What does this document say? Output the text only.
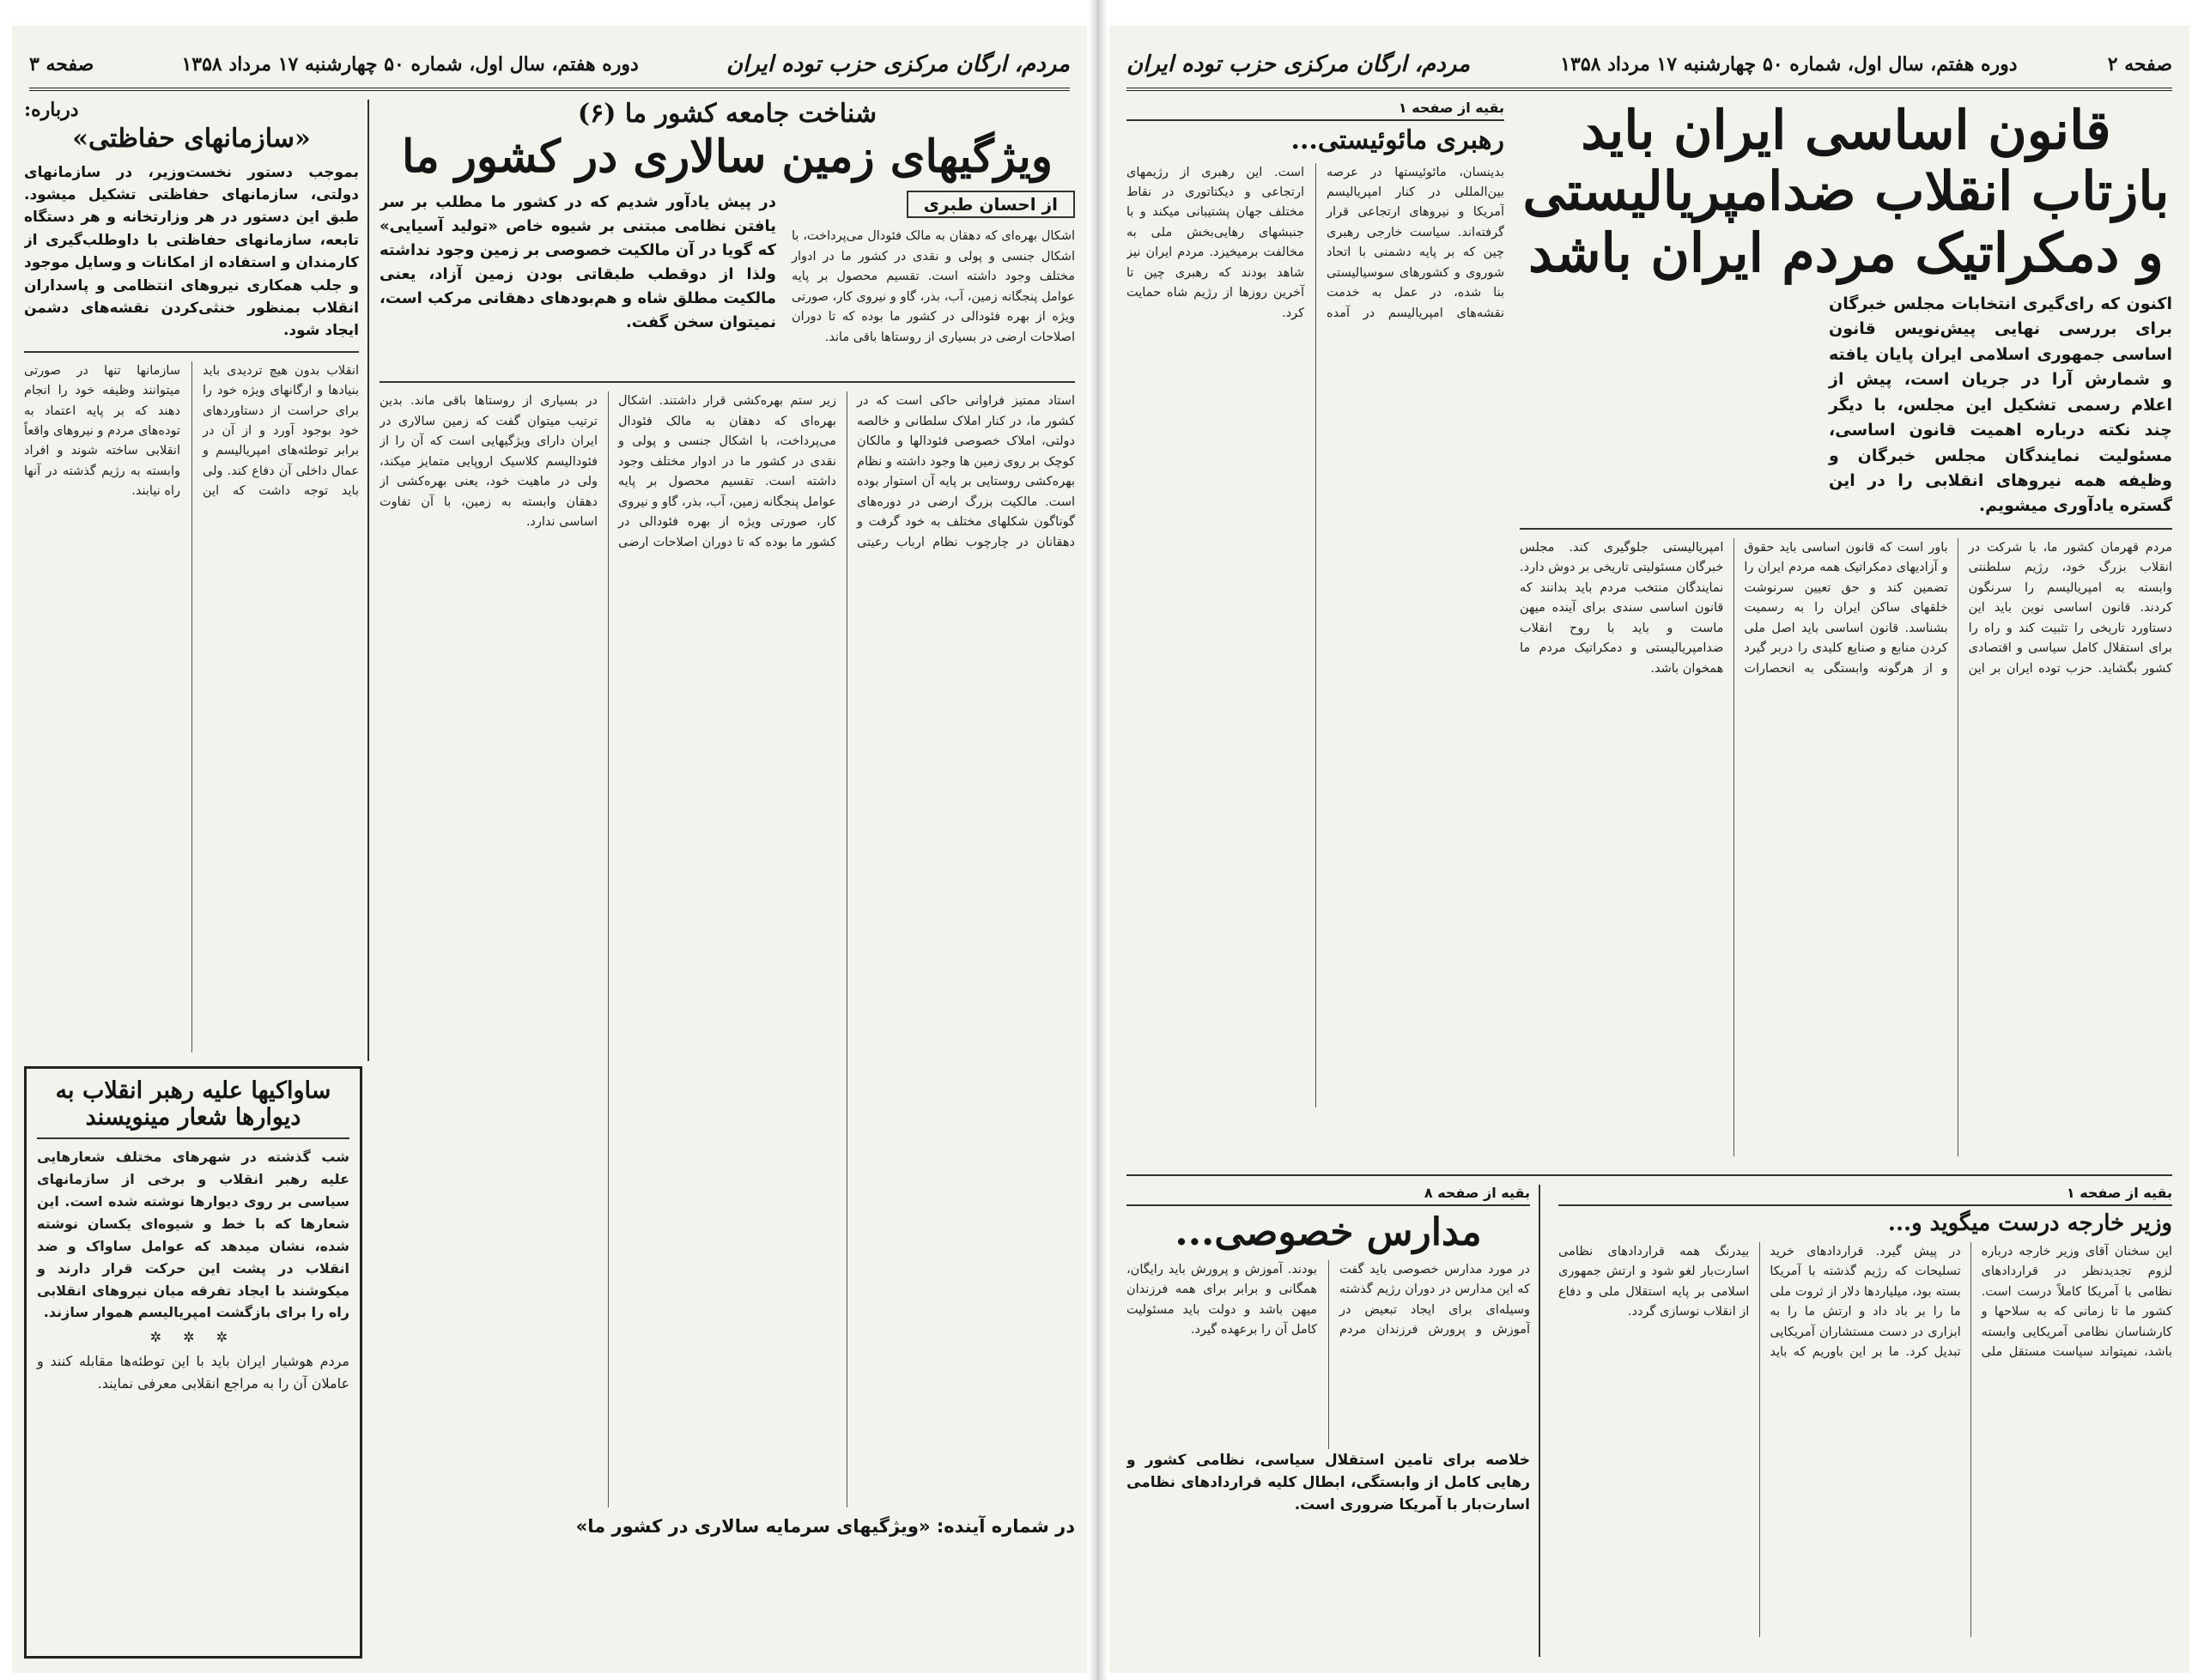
مردم، ارگان مرکزی حزب توده ایران
دوره هفتم، سال اول، شماره ۵۰ چهارشنبه ۱۷ مرداد ۱۳۵۸
صفحه ۳
درباره:
«سازمانهای حفاظتی»
بموجب دستور نخست‌وزیر، در سازمانهای دولتی، سازمانهای حفاظتی تشکیل میشود. طبق این دستور در هر وزارتخانه و هر دستگاه تابعه، سازمانهای حفاظتی با داوطلب‌گیری از کارمندان و استفاده از امکانات و وسایل موجود و جلب همکاری نیروهای انتظامی و پاسداران انقلاب بمنظور خنثی‌کردن نقشه‌های دشمن ایجاد شود.
انقلاب بدون هیچ تردیدی باید بنیادها و ارگانهای ویژه خود را برای حراست از دستاوردهای خود بوجود آورد و از آن در برابر توطئه‌های امپریالیسم و عمال داخلی آن دفاع کند. ولی باید توجه داشت که این سازمانها تنها در صورتی میتوانند وظیفه خود را انجام دهند که بر پایه اعتماد به توده‌های مردم و نیروهای واقعاً انقلابی ساخته شوند و افراد وابسته به رژیم گذشته در آنها راه نیابند.
ساواکیها علیه رهبر انقلاب به دیوارها شعار مینویسند
شب گذشته در شهرهای مختلف شعارهایی علیه رهبر انقلاب و برخی از سازمانهای سیاسی بر روی دیوارها نوشته شده است. این شعارها که با خط و شیوه‌ای یکسان نوشته شده، نشان میدهد که عوامل ساواک و ضد انقلاب در پشت این حرکت قرار دارند و میکوشند با ایجاد تفرقه میان نیروهای انقلابی راه را برای بازگشت امپریالیسم هموار سازند.
✲ ✲ ✲
مردم هوشیار ایران باید با این توطئه‌ها مقابله کنند و عاملان آن را به مراجع انقلابی معرفی نمایند.
شناخت جامعه کشور ما (۶)
ویژگیهای زمین سالاری در کشور ما
از احسان طبری
اشکال بهره‌ای که دهقان به مالک فئودال می‌پرداخت، با اشکال جنسی و پولی و نقدی در کشور ما در ادوار مختلف وجود داشته است. تقسیم محصول بر پایه عوامل پنجگانه زمین، آب، بذر، گاو و نیروی کار، صورتی ویژه از بهره فئودالی در کشور ما بوده که تا دوران اصلاحات ارضی در بسیاری از روستاها باقی ماند.
در پیش یادآور شدیم که در کشور ما مطلب بر سر یافتن نظامی مبتنی بر شیوه خاص «تولید آسیایی» که گویا در آن مالکیت خصوصی بر زمین وجود نداشته ولذا از دوقطب طبقاتی بودن زمین آزاد، یعنی مالکیت مطلق شاه و هم‌بودهای دهقانی مرکب است، نمیتوان سخن گفت.
استاد ممتیز فراوانی حاکی است که در کشور ما، در کنار املاک سلطانی و خالصه دولتی، املاک خصوصی فئودالها و مالکان کوچک بر روی زمین ها وجود داشته و نظام بهره‌کشی روستایی بر پایه آن استوار بوده است. مالکیت بزرگ ارضی در دوره‌های گوناگون شکلهای مختلف به خود گرفت و دهقانان در چارچوب نظام ارباب رعیتی زیر ستم بهره‌کشی قرار داشتند. اشکال بهره‌ای که دهقان به مالک فئودال می‌پرداخت، با اشکال جنسی و پولی و نقدی در کشور ما در ادوار مختلف وجود داشته است. تقسیم محصول بر پایه عوامل پنجگانه زمین، آب، بذر، گاو و نیروی کار، صورتی ویژه از بهره فئودالی در کشور ما بوده که تا دوران اصلاحات ارضی در بسیاری از روستاها باقی ماند. بدین ترتیب میتوان گفت که زمین سالاری در ایران دارای ویژگیهایی است که آن را از فئودالیسم کلاسیک اروپایی متمایز میکند، ولی در ماهیت خود، یعنی بهره‌کشی از دهقان وابسته به زمین، با آن تفاوت اساسی ندارد.
در شماره آینده: «ویژگیهای سرمایه سالاری در کشور ما»
صفحه ۲
دوره هفتم، سال اول، شماره ۵۰ چهارشنبه ۱۷ مرداد ۱۳۵۸
مردم، ارگان مرکزی حزب توده ایران
قانون اساسی ایران باید بازتاب انقلاب ضدامپریالیستی و دمکراتیک مردم ایران باشد
اکنون که رای‌گیری انتخابات مجلس خبرگان برای بررسی نهایی پیش‌نویس قانون اساسی جمهوری اسلامی ایران پایان یافته و شمارش آرا در جریان است، پیش از اعلام رسمی تشکیل این مجلس، با دیگر چند نکته درباره اهمیت قانون اساسی، مسئولیت نمایندگان مجلس خبرگان و وظیفه همه نیروهای انقلابی را در این گستره یادآوری میشویم.
مردم قهرمان کشور ما، با شرکت در انقلاب بزرگ خود، رژیم سلطنتی وابسته به امپریالیسم را سرنگون کردند. قانون اساسی نوین باید این دستاورد تاریخی را تثبیت کند و راه را برای استقلال کامل سیاسی و اقتصادی کشور بگشاید. حزب توده ایران بر این باور است که قانون اساسی باید حقوق و آزادیهای دمکراتیک همه مردم ایران را تضمین کند و حق تعیین سرنوشت خلقهای ساکن ایران را به رسمیت بشناسد. قانون اساسی باید اصل ملی کردن منابع و صنایع کلیدی را دربر گیرد و از هرگونه وابستگی به انحصارات امپریالیستی جلوگیری کند. مجلس خبرگان مسئولیتی تاریخی بر دوش دارد. نمایندگان منتخب مردم باید بدانند که قانون اساسی سندی برای آینده میهن ماست و باید با روح انقلاب ضدامپریالیستی و دمکراتیک مردم ما همخوان باشد.
بقیه از صفحه ۱
رهبری مائوئیستی...
بدینسان، مائوئیستها در عرصه بین‌المللی در کنار امپریالیسم آمریکا و نیروهای ارتجاعی قرار گرفته‌اند. سیاست خارجی رهبری چین که بر پایه دشمنی با اتحاد شوروی و کشورهای سوسیالیستی بنا شده، در عمل به خدمت نقشه‌های امپریالیسم در آمده است. این رهبری از رژیمهای ارتجاعی و دیکتاتوری در نقاط مختلف جهان پشتیبانی میکند و با جنبشهای رهایی‌بخش ملی به مخالفت برمیخیزد. مردم ایران نیز شاهد بودند که رهبری چین تا آخرین روزها از رژیم شاه حمایت کرد.
بقیه از صفحه ۸
مدارس خصوصی...
در مورد مدارس خصوصی باید گفت که این مدارس در دوران رژیم گذشته وسیله‌ای برای ایجاد تبعیض در آموزش و پرورش فرزندان مردم بودند. آموزش و پرورش باید رایگان، همگانی و برابر برای همه فرزندان میهن باشد و دولت باید مسئولیت کامل آن را برعهده گیرد.
خلاصه برای تامین استقلال سیاسی، نظامی کشور و رهایی کامل از وابستگی، ابطال کلیه قراردادهای نظامی اسارت‌بار با آمریکا ضروری است.
بقیه از صفحه ۱
وزیر خارجه درست میگوید و...
این سخنان آقای وزیر خارجه درباره لزوم تجدیدنظر در قراردادهای نظامی با آمریکا کاملاً درست است. کشور ما تا زمانی که به سلاحها و کارشناسان نظامی آمریکایی وابسته باشد، نمیتواند سیاست مستقل ملی در پیش گیرد. قراردادهای خرید تسلیحات که رژیم گذشته با آمریکا بسته بود، میلیاردها دلار از ثروت ملی ما را بر باد داد و ارتش ما را به ابزاری در دست مستشاران آمریکایی تبدیل کرد. ما بر این باوریم که باید بیدرنگ همه قراردادهای نظامی اسارت‌بار لغو شود و ارتش جمهوری اسلامی بر پایه استقلال ملی و دفاع از انقلاب نوسازی گردد.
